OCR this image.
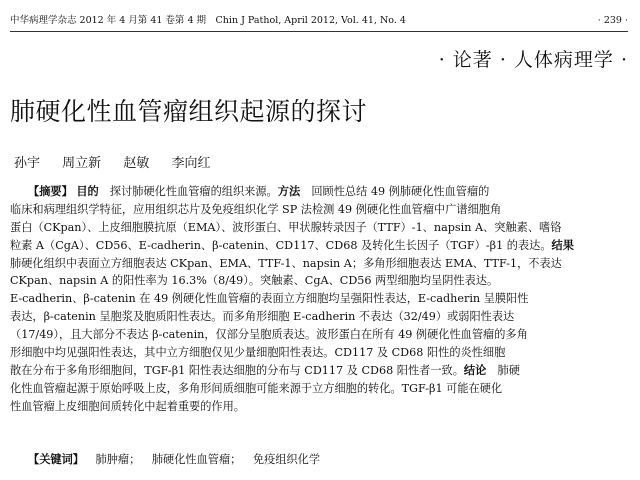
中华病理学杂志 2012 年 4 月第 41 卷第 4 期　Chin J Pathol, April 2012, Vol. 41, No. 4	· 239 ·
· 论著 · 人体病理学 ·
肺硬化性血管瘤组织起源的探讨
孙宇 周立新 赵敏 李向红
【摘要】 目的　 探讨肺硬化性血管瘤的组织来源。方法　 回顾性总结 49 例肺硬化性血管瘤的
临床和病理组织学特征，应用组织芯片及免疫组织化学 SP 法检测 49 例硬化性血管瘤中广谱细胞角
蛋白（CKpan）、上皮细胞膜抗原（EMA）、波形蛋白、甲状腺转录因子（TTF）-1、napsin A、突触素、嗜铬
粒素 A（CgA）、CD56、E-cadherin、β-catenin、CD117、CD68 及转化生长因子（TGF）-β1 的表达。结果
肺硬化组织中表面立方细胞表达 CKpan、EMA、TTF-1、napsin A；多角形细胞表达 EMA、TTF-1，不表达
CKpan、napsin A 的阳性率为 16.3%（8/49）。突触素、CgA、CD56 两型细胞均呈阴性表达。
E-cadherin、β-catenin 在 49 例硬化性血管瘤的表面立方细胞均呈强阳性表达，E-cadherin 呈膜阳性
表达，β-catenin 呈胞浆及胞质阳性表达。而多角形细胞 E-cadherin 不表达（32/49）或弱阳性表达
（17/49），且大部分不表达 β-catenin，仅部分呈胞质表达。波形蛋白在所有 49 例硬化性血管瘤的多角
形细胞中均见强阳性表达，其中立方细胞仅见少量细胞阳性表达。CD117 及 CD68 阳性的炎性细胞
散在分布于多角形细胞间，TGF-β1 阳性表达细胞的分布与 CD117 及 CD68 阳性者一致。结论　 肺硬
化性血管瘤起源于原始呼吸上皮，多角形间质细胞可能来源于立方细胞的转化。TGF-β1 可能在硬化
性血管瘤上皮细胞间质转化中起着重要的作用。
【关键词】 肺肿瘤； 肺硬化性血管瘤； 免疫组织化学
